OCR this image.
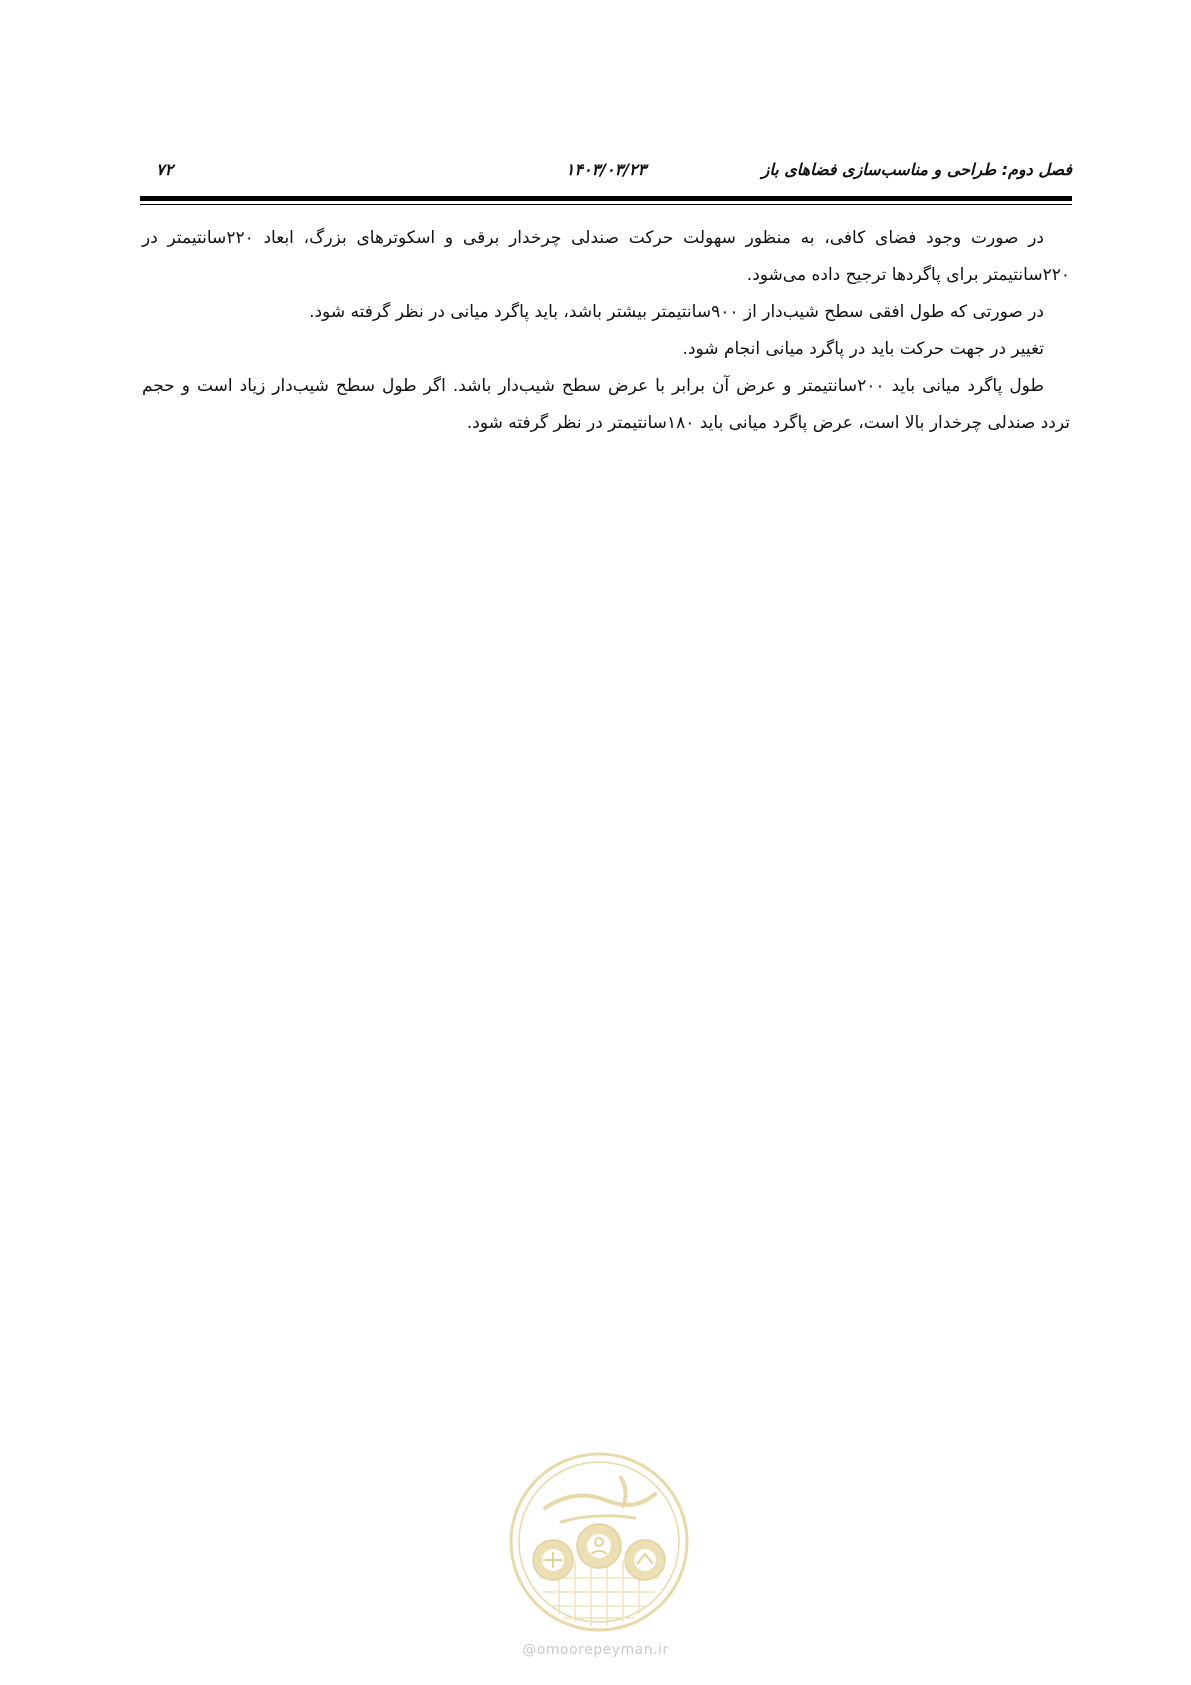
فصل دوم: طراحی و مناسب‌سازی فضاهای باز
۱۴۰۳/۰۳/۲۳
۷۲

در صورت وجود فضای کافی، به منظور سهولت حرکت صندلی چرخدار برقی و اسکوترهای بزرگ، ابعاد ۲۲۰سانتیمتر در ۲۲۰سانتیمتر برای پاگردها ترجیح داده می‌شود.

در صورتی که طول افقی سطح شیب‌دار از ۹۰۰سانتیمتر بیشتر باشد، باید پاگرد میانی در نظر گرفته شود.

تغییر در جهت حرکت باید در پاگرد میانی انجام شود.

طول پاگرد میانی باید ۲۰۰سانتیمتر و عرض آن برابر با عرض سطح شیب‌دار باشد. اگر طول سطح شیب‌دار زیاد است و حجم تردد صندلی چرخدار بالا است، عرض پاگرد میانی باید ۱۸۰سانتیمتر در نظر گرفته شود.

@omoorepeyman.ir
